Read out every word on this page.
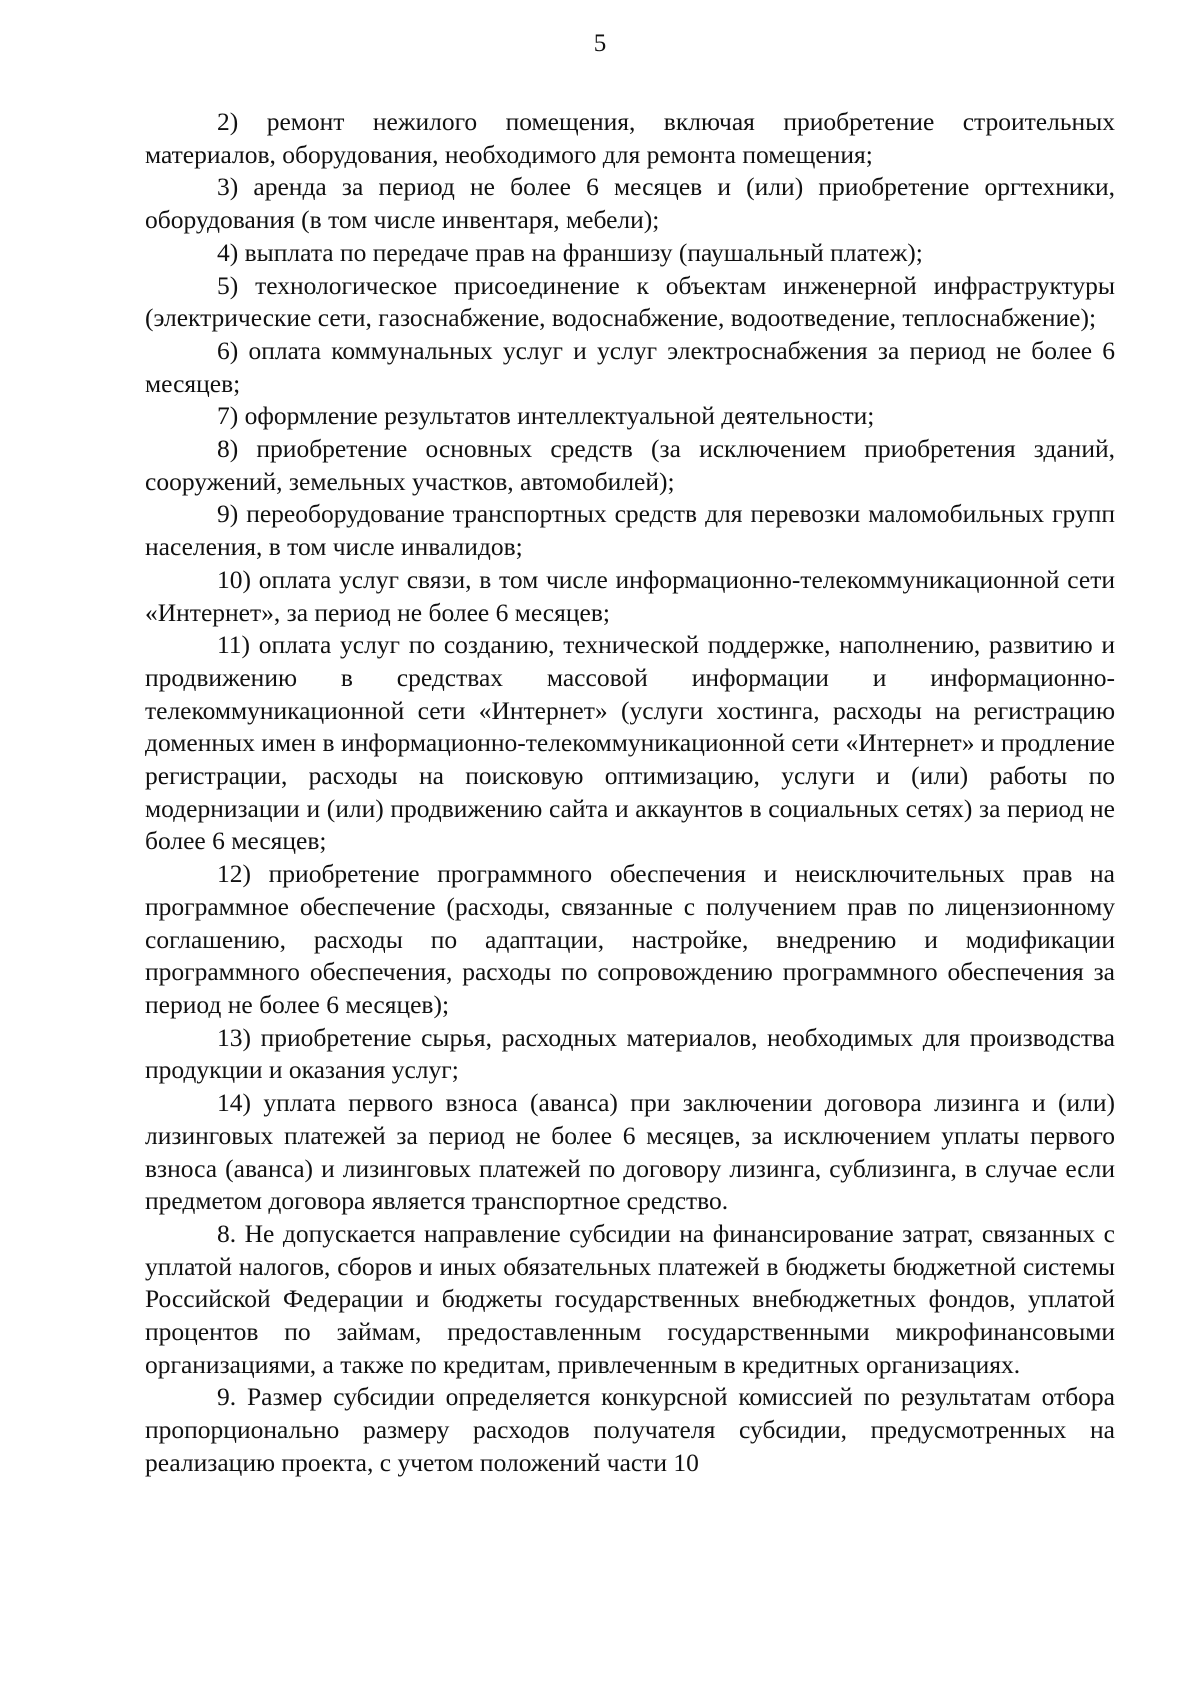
5

2) ремонт нежилого помещения, включая приобретение строительных материалов, оборудования, необходимого для ремонта помещения;

3) аренда за период не более 6 месяцев и (или) приобретение оргтехники, оборудования (в том числе инвентаря, мебели);

4) выплата по передаче прав на франшизу (паушальный платеж);

5) технологическое присоединение к объектам инженерной инфраструктуры (электрические сети, газоснабжение, водоснабжение, водоотведение, теплоснабжение);

6) оплата коммунальных услуг и услуг электроснабжения за период не более 6 месяцев;

7) оформление результатов интеллектуальной деятельности;

8) приобретение основных средств (за исключением приобретения зданий, сооружений, земельных участков, автомобилей);

9) переоборудование транспортных средств для перевозки маломобильных групп населения, в том числе инвалидов;

10) оплата услуг связи, в том числе информационно-телекоммуникационной сети «Интернет», за период не более 6 месяцев;

11) оплата услуг по созданию, технической поддержке, наполнению, развитию и продвижению в средствах массовой информации и информационно-телекоммуникационной сети «Интернет» (услуги хостинга, расходы на регистрацию доменных имен в информационно-телекоммуникационной сети «Интернет» и продление регистрации, расходы на поисковую оптимизацию, услуги и (или) работы по модернизации и (или) продвижению сайта и аккаунтов в социальных сетях) за период не более 6 месяцев;

12) приобретение программного обеспечения и неисключительных прав на программное обеспечение (расходы, связанные с получением прав по лицензионному соглашению, расходы по адаптации, настройке, внедрению и модификации программного обеспечения, расходы по сопровождению программного обеспечения за период не более 6 месяцев);

13) приобретение сырья, расходных материалов, необходимых для производства продукции и оказания услуг;

14) уплата первого взноса (аванса) при заключении договора лизинга и (или) лизинговых платежей за период не более 6 месяцев, за исключением уплаты первого взноса (аванса) и лизинговых платежей по договору лизинга, сублизинга, в случае если предметом договора является транспортное средство.

8. Не допускается направление субсидии на финансирование затрат, связанных с уплатой налогов, сборов и иных обязательных платежей в бюджеты бюджетной системы Российской Федерации и бюджеты государственных внебюджетных фондов, уплатой процентов по займам, предоставленным государственными микрофинансовыми организациями, а также по кредитам, привлеченным в кредитных организациях.

9. Размер субсидии определяется конкурсной комиссией по результатам отбора пропорционально размеру расходов получателя субсидии, предусмотренных на реализацию проекта, с учетом положений части 10
